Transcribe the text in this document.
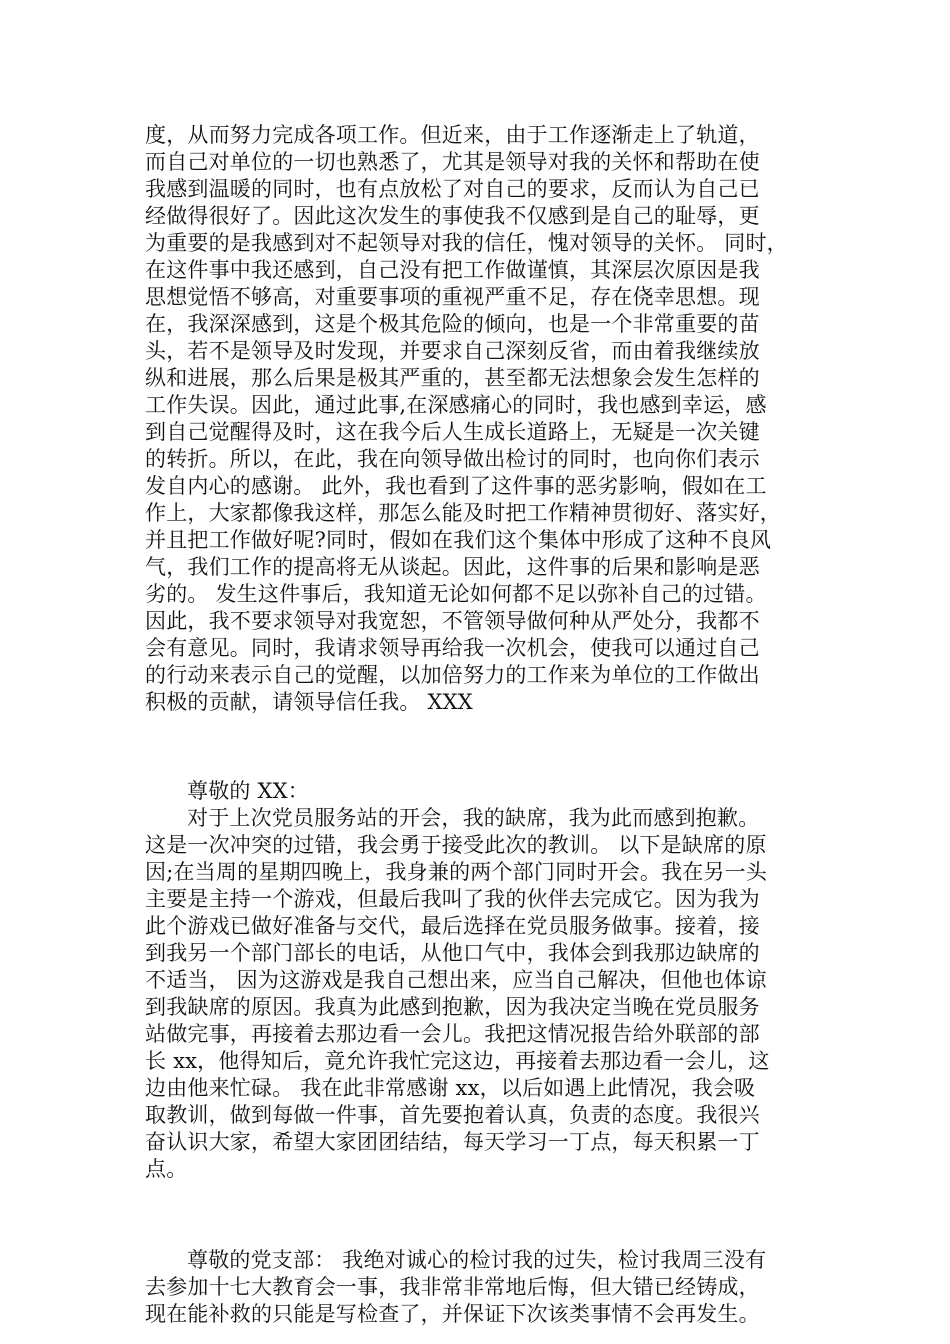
度，从而努力完成各项工作。但近来，由于工作逐渐走上了轨道，
而自己对单位的一切也熟悉了，尤其是领导对我的关怀和帮助在使
我感到温暖的同时，也有点放松了对自己的要求，反而认为自己已
经做得很好了。因此这次发生的事使我不仅感到是自己的耻辱，更
为重要的是我感到对不起领导对我的信任，愧对领导的关怀。 同时，
在这件事中我还感到，自己没有把工作做谨慎，其深层次原因是我
思想觉悟不够高，对重要事项的重视严重不足，存在侥幸思想。现
在，我深深感到，这是个极其危险的倾向，也是一个非常重要的苗
头，若不是领导及时发现，并要求自己深刻反省，而由着我继续放
纵和进展，那么后果是极其严重的，甚至都无法想象会发生怎样的
工作失误。因此，通过此事,在深感痛心的同时，我也感到幸运，感
到自己觉醒得及时，这在我今后人生成长道路上，无疑是一次关键
的转折。所以，在此，我在向领导做出检讨的同时，也向你们表示
发自内心的感谢。 此外，我也看到了这件事的恶劣影响，假如在工
作上，大家都像我这样，那怎么能及时把工作精神贯彻好、落实好，
并且把工作做好呢?同时，假如在我们这个集体中形成了这种不良风
气，我们工作的提高将无从谈起。因此，这件事的后果和影响是恶
劣的。 发生这件事后，我知道无论如何都不足以弥补自己的过错。
因此，我不要求领导对我宽恕，不管领导做何种从严处分，我都不
会有意见。同时，我请求领导再给我一次机会，使我可以通过自己
的行动来表示自己的觉醒，以加倍努力的工作来为单位的工作做出
积极的贡献，请领导信任我。 XXX
尊敬的 XX：
对于上次党员服务站的开会，我的缺席，我为此而感到抱歉。
这是一次冲突的过错，我会勇于接受此次的教训。 以下是缺席的原
因;在当周的星期四晚上，我身兼的两个部门同时开会。我在另一头
主要是主持一个游戏，但最后我叫了我的伙伴去完成它。因为我为
此个游戏已做好准备与交代，最后选择在党员服务做事。接着，接
到我另一个部门部长的电话，从他口气中，我体会到我那边缺席的
不适当， 因为这游戏是我自己想出来，应当自己解决，但他也体谅
到我缺席的原因。我真为此感到抱歉，因为我决定当晚在党员服务
站做完事，再接着去那边看一会儿。我把这情况报告给外联部的部
长 xx，他得知后，竟允许我忙完这边，再接着去那边看一会儿，这
边由他来忙碌。 我在此非常感谢 xx，以后如遇上此情况，我会吸
取教训，做到每做一件事，首先要抱着认真，负责的态度。我很兴
奋认识大家，希望大家团团结结，每天学习一丁点，每天积累一丁
点。
尊敬的党支部： 我绝对诚心的检讨我的过失，检讨我周三没有
去参加十七大教育会一事，我非常非常地后悔，但大错已经铸成，
现在能补救的只能是写检查了，并保证下次该类事情不会再发生。
